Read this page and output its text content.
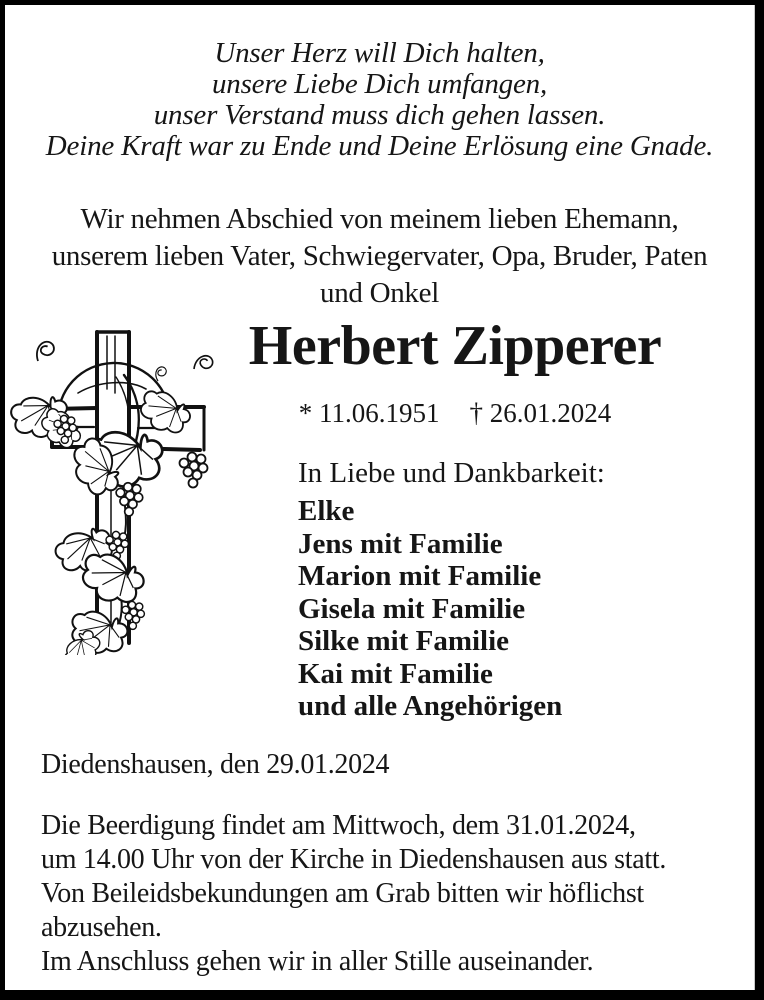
Unser Herz will Dich halten,
unsere Liebe Dich umfangen,
unser Verstand muss dich gehen lassen.
Deine Kraft war zu Ende und Deine Erlösung eine Gnade.
Wir nehmen Abschied von meinem lieben Ehemann,
unserem lieben Vater, Schwiegervater, Opa, Bruder, Paten
und Onkel
Herbert Zipperer
* 11.06.1951 † 26.01.2024
In Liebe und Dankbarkeit:
Elke
Jens mit Familie
Marion mit Familie
Gisela mit Familie
Silke mit Familie
Kai mit Familie
und alle Angehörigen
Diedenshausen, den 29.01.2024
Die Beerdigung findet am Mittwoch, dem 31.01.2024,
um 14.00 Uhr von der Kirche in Diedenshausen aus statt.
Von Beileidsbekundungen am Grab bitten wir höflichst
abzusehen.
Im Anschluss gehen wir in aller Stille auseinander.
